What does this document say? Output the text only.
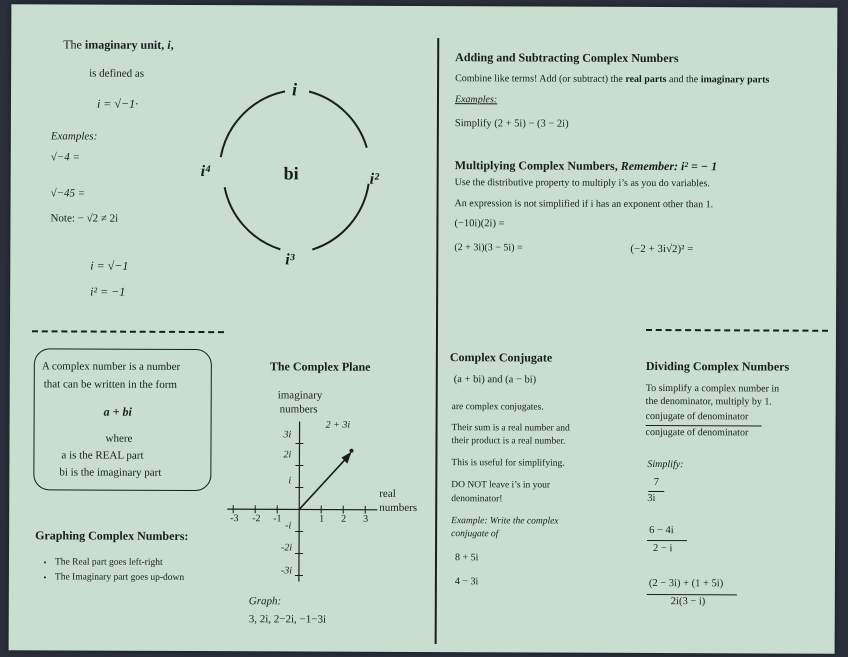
The imaginary unit, i,
is defined as
i = √−1·
Examples:
√−4 =
√−45 =
Note: − √2 ≠ 2i
i = √−1
i² = −1
i
i²
i³
i⁴	bi
A complex number is a number
that can be written in the form
a + bi
where
a is the REAL part
bi is the imaginary part
Graphing Complex Numbers:
• The Real part goes left-right
• The Imaginary part goes up-down
The Complex Plane
imaginary
numbers
real
numbers
2 + 3i
3i
2i
i
-i
-2i
-3i
-3 -2 -1	1 2 3
Graph:
3, 2i, 2−2i, −1−3i
Adding and Subtracting Complex Numbers
Combine like terms! Add (or subtract) the real parts and the imaginary parts
Examples:
Simplify (2 + 5i) − (3 − 2i)
Multiplying Complex Numbers, Remember: i² = − 1
Use the distributive property to multiply i’s as you do variables.
An expression is not simplified if i has an exponent other than 1.
(−10i)(2i) =
(2 + 3i)(3 − 5i) =	(−2 + 3i√2)² =
Complex Conjugate
(a + bi) and (a − bi)
are complex conjugates.
Their sum is a real number and
their product is a real number.
This is useful for simplifying.
DO NOT leave i’s in your
denominator!
Example: Write the complex
conjugate of
8 + 5i
4 − 3i
Dividing Complex Numbers
To simplify a complex number in
the denominator, multiply by 1.
conjugate of denominator
conjugate of denominator
Simplify:
7
3i
6 − 4i
2 − i
(2 − 3i) + (1 + 5i)
2i(3 − i)
